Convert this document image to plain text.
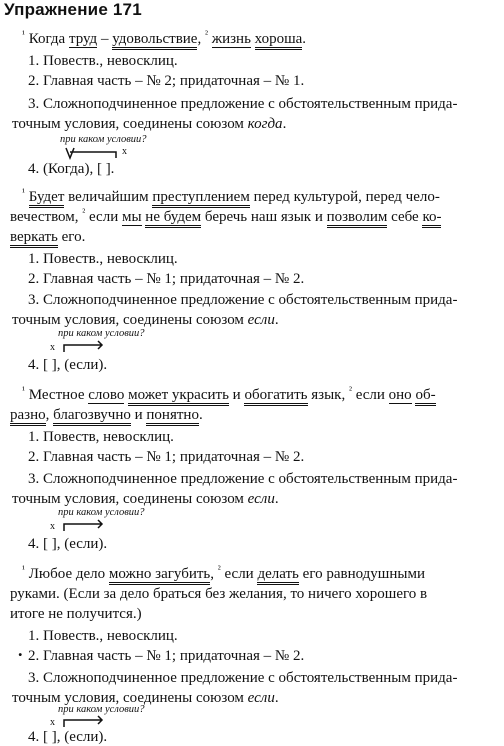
Упражнение 171
$^{^1}$ Когда труд – удовольствие, $^{^2}$ жизнь хороша.
1. Повеств., невосклиц.
2. Главная часть – № 2; придаточная – № 1.
3. Сложноподчиненное предложение с обстоятельственным прида-
точным условия, соединены союзом когда.
при каком условии?
x
4. (Когда), [ ].
$^{^1}$ Будет величайшим преступлением перед культурой, перед чело-
вечеством, $^{^2}$ если мы не будем беречь наш язык и позволим себе ко-
веркать его.
1. Повеств., невосклиц.
2. Главная часть – № 1; придаточная – № 2.
3. Сложноподчиненное предложение с обстоятельственным прида-
точным условия, соединены союзом если.
при каком условии?
x
4. [ ], (если).
$^{^1}$ Местное слово может украсить и обогатить язык, $^{^2}$ если оно об-
разно, благозвучно и понятно.
1. Повеств, невосклиц.
2. Главная часть – № 1; придаточная – № 2.
3. Сложноподчиненное предложение с обстоятельственным прида-
точным условия, соединены союзом если.
при каком условии?
x
4. [ ], (если).
$^{^1}$ Любое дело можно загубить, $^{^2}$ если делать его равнодушными
руками. (Если за дело браться без желания, то ничего хорошего в
итоге не получится.)
1. Повеств., невосклиц.
. 2. Главная часть – № 1; придаточная – № 2.
3. Сложноподчиненное предложение с обстоятельственным прида-
точным условия, соединены союзом если.
при каком условии?
x
4. [ ], (если).
